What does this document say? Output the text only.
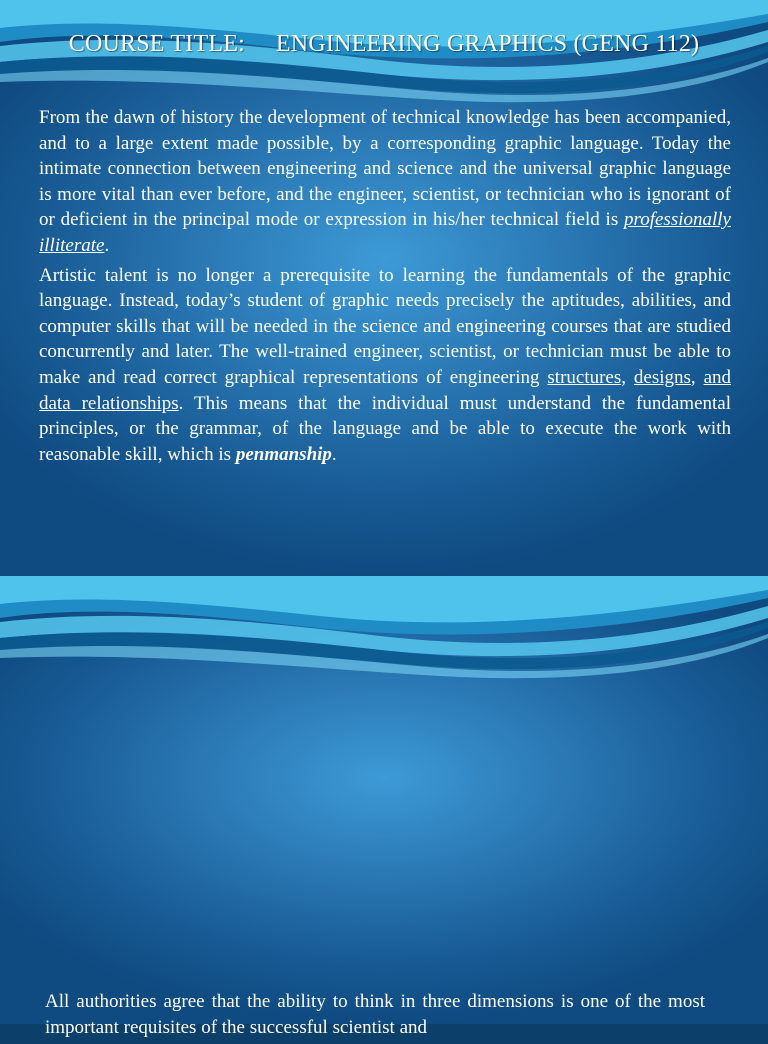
COURSE TITLE:     ENGINEERING GRAPHICS (GENG 112)

From the dawn of history the development of technical knowledge has been accompanied, and to a large extent made possible, by a corresponding graphic language. Today the intimate connection between engineering and science and the universal graphic language is more vital than ever before, and the engineer, scientist, or technician who is ignorant of or deficient in the principal mode or expression in his/her technical field is professionally illiterate.

Artistic talent is no longer a prerequisite to learning the fundamentals of the graphic language. Instead, today’s student of graphic needs precisely the aptitudes, abilities, and computer skills that will be needed in the science and engineering courses that are studied concurrently and later. The well-trained engineer, scientist, or technician must be able to make and read correct graphical representations of engineering structures, designs, and data relationships. This means that the individual must understand the fundamental principles, or the grammar, of the language and be able to execute the work with reasonable skill, which is penmanship.

All authorities agree that the ability to think in three dimensions is one of the most important requisites of the successful scientist and
